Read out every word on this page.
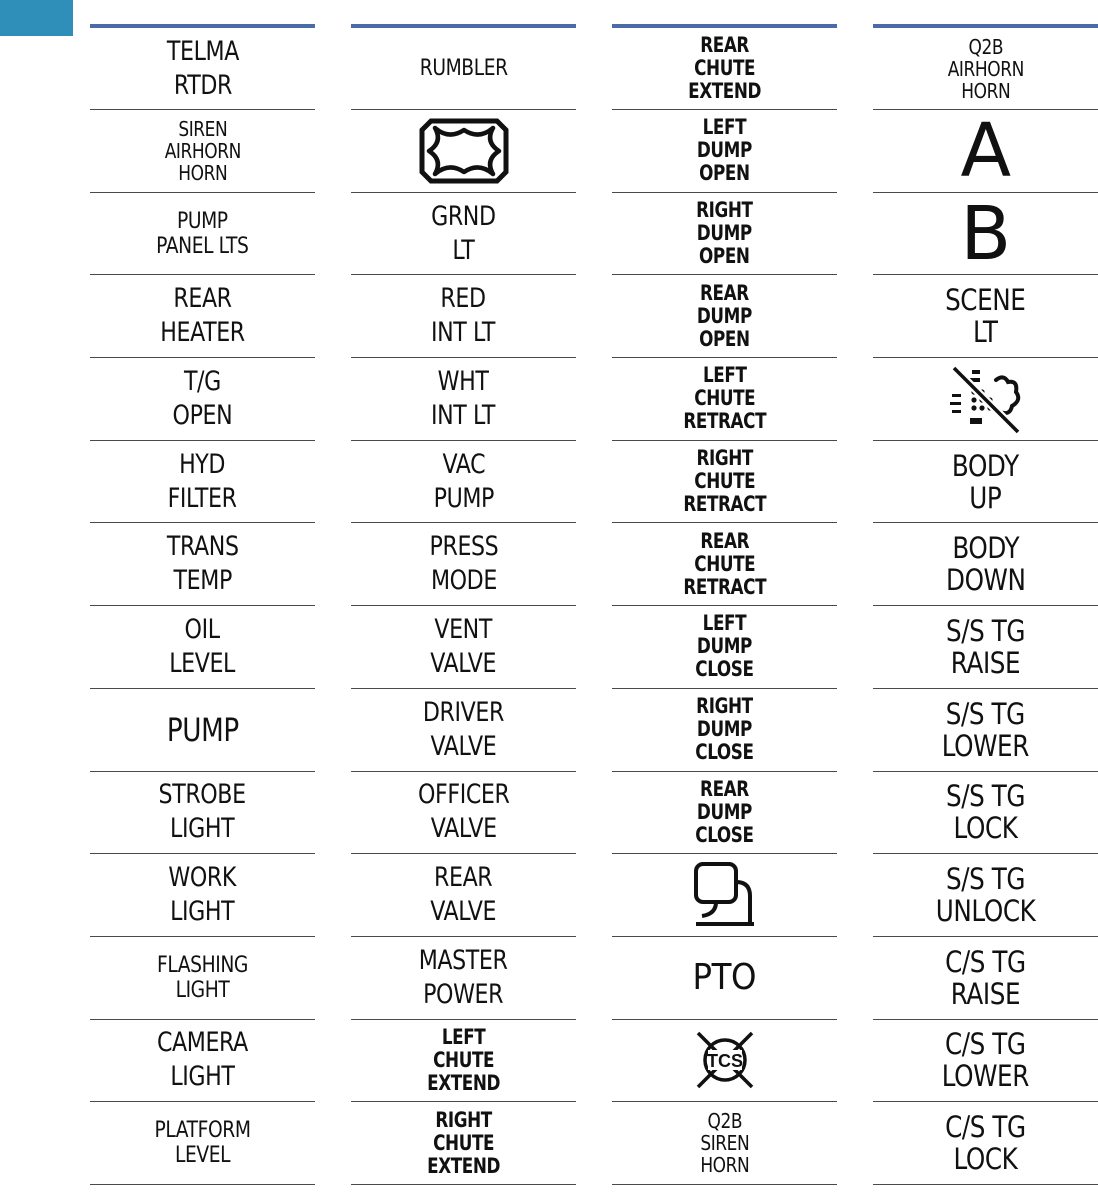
TELMA
RTDR
SIREN
AIRHORN
HORN
PUMP
PANEL LTS
REAR
HEATER
T/G
OPEN
HYD
FILTER
TRANS
TEMP
OIL
LEVEL
PUMP
STROBE
LIGHT
WORK
LIGHT
FLASHING
LIGHT
CAMERA
LIGHT
PLATFORM
LEVEL
RUMBLER
GRND
LT
RED
INT LT
WHT
INT LT
VAC
PUMP
PRESS
MODE
VENT
VALVE
DRIVER
VALVE
OFFICER
VALVE
REAR
VALVE
MASTER
POWER
LEFT
CHUTE
EXTEND
RIGHT
CHUTE
EXTEND
REAR
CHUTE
EXTEND
LEFT
DUMP
OPEN
RIGHT
DUMP
OPEN
REAR
DUMP
OPEN
LEFT
CHUTE
RETRACT
RIGHT
CHUTE
RETRACT
REAR
CHUTE
RETRACT
LEFT
DUMP
CLOSE
RIGHT
DUMP
CLOSE
REAR
DUMP
CLOSE
PTO
TCS
Q2B
SIREN
HORN
Q2B
AIRHORN
HORN
A
B
SCENE
LT
BODY
UP
BODY
DOWN
S/S TG
RAISE
S/S TG
LOWER
S/S TG
LOCK
S/S TG
UNLOCK
C/S TG
RAISE
C/S TG
LOWER
C/S TG
LOCK
